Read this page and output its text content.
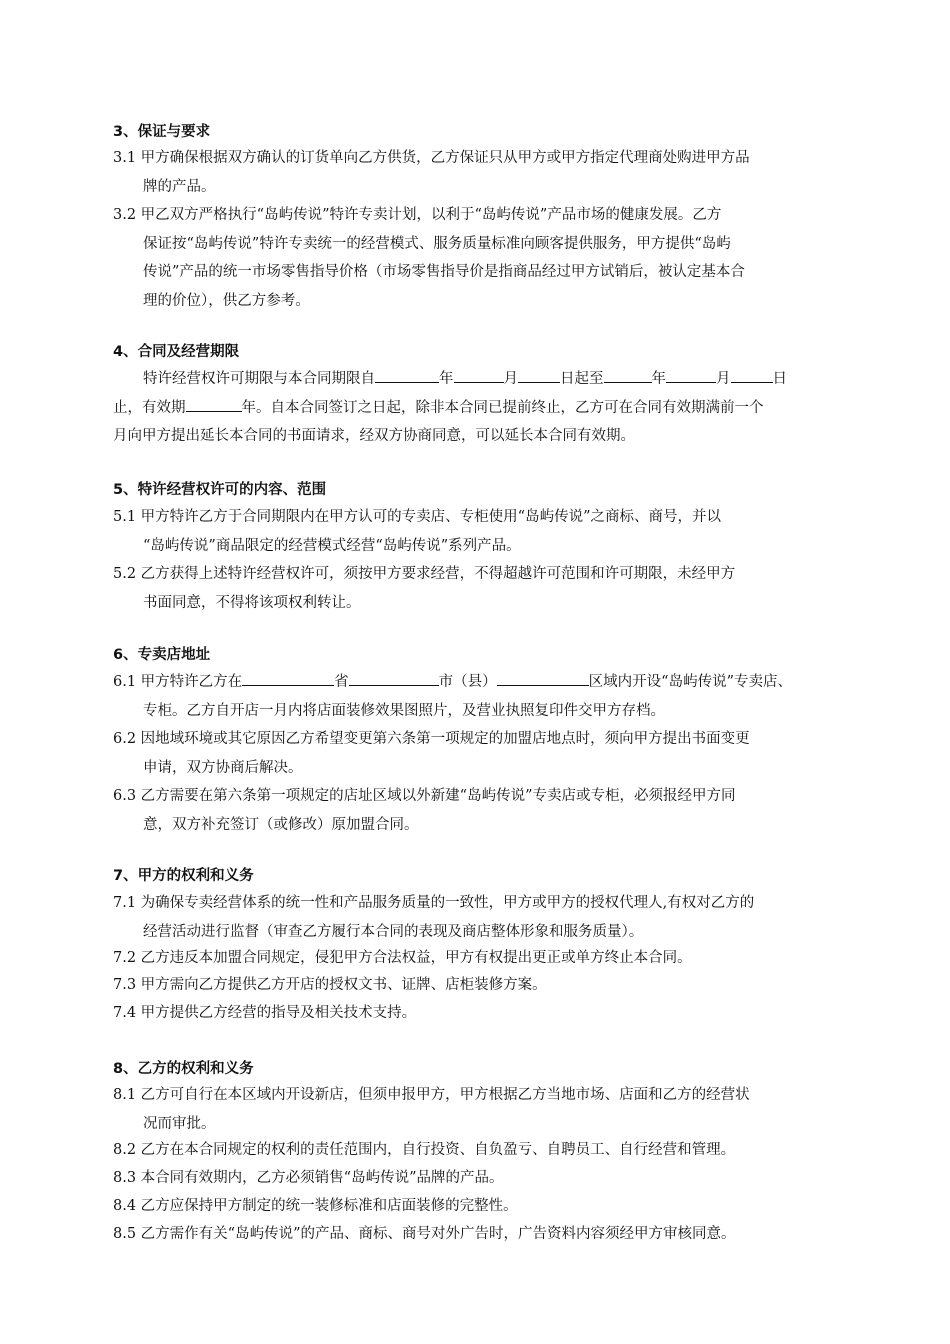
3、保证与要求
3.1 甲方确保根据双方确认的订货单向乙方供货，乙方保证只从甲方或甲方指定代理商处购进甲方品
牌的产品。
3.2 甲乙双方严格执行“岛屿传说”特许专卖计划，以利于“岛屿传说”产品市场的健康发展。乙方
保证按“岛屿传说”特许专卖统一的经营模式、服务质量标准向顾客提供服务，甲方提供“岛屿
传说”产品的统一市场零售指导价格（市场零售指导价是指商品经过甲方试销后，被认定基本合
理的价位），供乙方参考。
4、合同及经营期限
特许经营权许可期限与本合同期限自	年	月	日起至	年	月	日
止，有效期	年。自本合同签订之日起，除非本合同已提前终止，乙方可在合同有效期满前一个
月向甲方提出延长本合同的书面请求，经双方协商同意，可以延长本合同有效期。
5、特许经营权许可的内容、范围
5.1 甲方特许乙方于合同期限内在甲方认可的专卖店、专柜使用“岛屿传说”之商标、商号，并以
“岛屿传说”商品限定的经营模式经营“岛屿传说”系列产品。
5.2 乙方获得上述特许经营权许可，须按甲方要求经营，不得超越许可范围和许可期限，未经甲方
书面同意，不得将该项权利转让。
6、专卖店地址
6.1 甲方特许乙方在	省	市（县）	区域内开设“岛屿传说”专卖店、
专柜。乙方自开店一月内将店面装修效果图照片，及营业执照复印件交甲方存档。
6.2 因地域环境或其它原因乙方希望变更第六条第一项规定的加盟店地点时，须向甲方提出书面变更
申请，双方协商后解决。
6.3 乙方需要在第六条第一项规定的店址区域以外新建“岛屿传说”专卖店或专柜，必须报经甲方同
意，双方补充签订（或修改）原加盟合同。
7、甲方的权利和义务
7.1 为确保专卖经营体系的统一性和产品服务质量的一致性，甲方或甲方的授权代理人,有权对乙方的
经营活动进行监督（审查乙方履行本合同的表现及商店整体形象和服务质量）。
7.2 乙方违反本加盟合同规定，侵犯甲方合法权益，甲方有权提出更正或单方终止本合同。
7.3 甲方需向乙方提供乙方开店的授权文书、证牌、店柜装修方案。
7.4 甲方提供乙方经营的指导及相关技术支持。
8、乙方的权利和义务
8.1 乙方可自行在本区域内开设新店，但须申报甲方，甲方根据乙方当地市场、店面和乙方的经营状
况而审批。
8.2 乙方在本合同规定的权利的责任范围内，自行投资、自负盈亏、自聘员工、自行经营和管理。
8.3 本合同有效期内，乙方必须销售“岛屿传说”品牌的产品。
8.4 乙方应保持甲方制定的统一装修标准和店面装修的完整性。
8.5 乙方需作有关“岛屿传说”的产品、商标、商号对外广告时，广告资料内容须经甲方审核同意。
